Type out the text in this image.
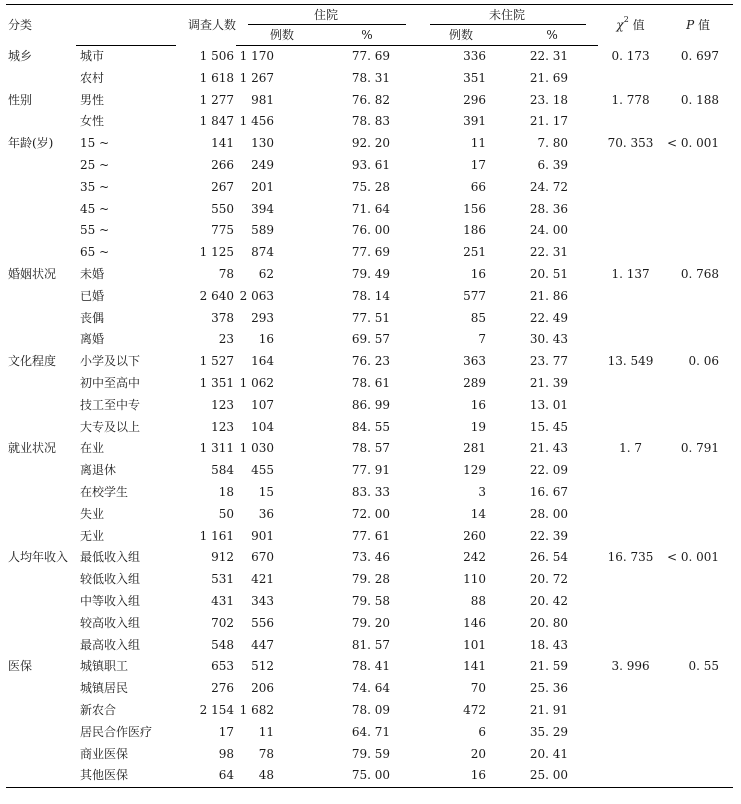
分类		调查人数	住院		未住院		$\chi^2$ 值	P 值
			例数	%	例数	%		
城乡	城市	1 506	1 170	77. 69	336	22. 31	0. 173	0. 697
	农村	1 618	1 267	78. 31	351	21. 69		
性别	男性	1 277	981	76. 82	296	23. 18	1. 778	0. 188
	女性	1 847	1 456	78. 83	391	21. 17		
年龄(岁)	15 ~	141	130	92. 20	11	7. 80	70. 353	< 0. 001
	25 ~	266	249	93. 61	17	6. 39		
	35 ~	267	201	75. 28	66	24. 72		
	45 ~	550	394	71. 64	156	28. 36		
	55 ~	775	589	76. 00	186	24. 00		
	65 ~	1 125	874	77. 69	251	22. 31		
婚姻状况	未婚	78	62	79. 49	16	20. 51	1. 137	0. 768
	已婚	2 640	2 063	78. 14	577	21. 86		
	丧偶	378	293	77. 51	85	22. 49		
	离婚	23	16	69. 57	7	30. 43		
文化程度	小学及以下	1 527	164	76. 23	363	23. 77	13. 549	0. 06
	初中至高中	1 351	1 062	78. 61	289	21. 39		
	技工至中专	123	107	86. 99	16	13. 01		
	大专及以上	123	104	84. 55	19	15. 45		
就业状况	在业	1 311	1 030	78. 57	281	21. 43	1. 7	0. 791
	离退休	584	455	77. 91	129	22. 09		
	在校学生	18	15	83. 33	3	16. 67		
	失业	50	36	72. 00	14	28. 00		
	无业	1 161	901	77. 61	260	22. 39		
人均年收入	最低收入组	912	670	73. 46	242	26. 54	16. 735	< 0. 001
	较低收入组	531	421	79. 28	110	20. 72		
	中等收入组	431	343	79. 58	88	20. 42		
	较高收入组	702	556	79. 20	146	20. 80		
	最高收入组	548	447	81. 57	101	18. 43		
医保	城镇职工	653	512	78. 41	141	21. 59	3. 996	0. 55
	城镇居民	276	206	74. 64	70	25. 36		
	新农合	2 154	1 682	78. 09	472	21. 91		
	居民合作医疗	17	11	64. 71	6	35. 29		
	商业医保	98	78	79. 59	20	20. 41		
	其他医保	64	48	75. 00	16	25. 00		
